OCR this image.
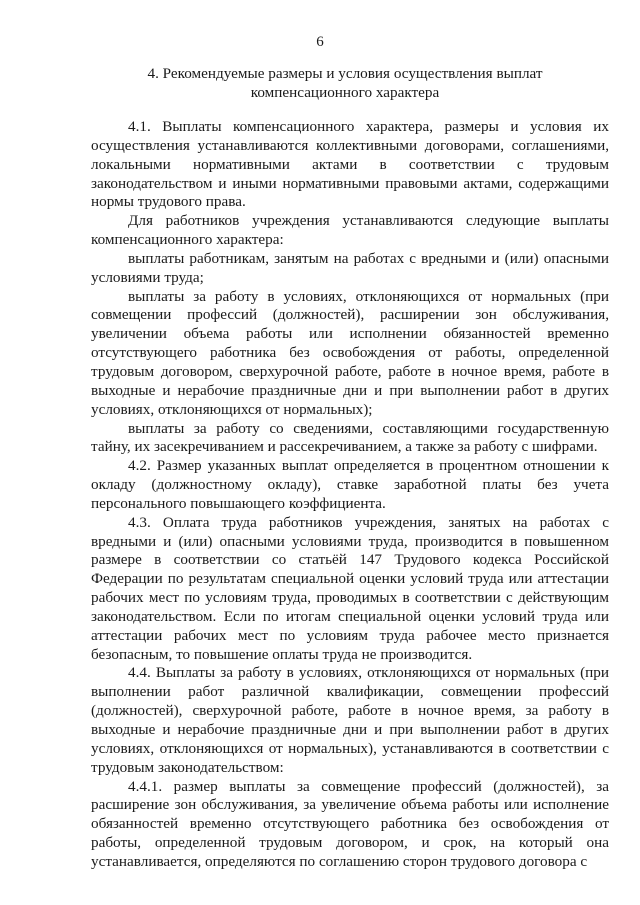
6
4. Рекомендуемые размеры и условия осуществления выплат
компенсационного характера

4.1. Выплаты компенсационного характера, размеры и условия их осуществления устанавливаются коллективными договорами, соглашениями, локальными нормативными актами в соответствии с трудовым законодательством и иными нормативными правовыми актами, содержащими нормы трудового права.

Для работников учреждения устанавливаются следующие выплаты компенсационного характера:

выплаты работникам, занятым на работах с вредными и (или) опасными условиями труда;

выплаты за работу в условиях, отклоняющихся от нормальных (при совмещении профессий (должностей), расширении зон обслуживания, увеличении объема работы или исполнении обязанностей временно отсутствующего работника без освобождения от работы, определенной трудовым договором, сверхурочной работе, работе в ночное время, работе в выходные и нерабочие праздничные дни и при выполнении работ в других условиях, отклоняющихся от нормальных);

выплаты за работу со сведениями, составляющими государственную тайну, их засекречиванием и рассекречиванием, а также за работу с шифрами.

4.2. Размер указанных выплат определяется в процентном отношении к окладу (должностному окладу), ставке заработной платы без учета персонального повышающего коэффициента.

4.3. Оплата труда работников учреждения, занятых на работах с вредными и (или) опасными условиями труда, производится в повышенном размере в соответствии со статьёй 147 Трудового кодекса Российской Федерации по результатам специальной оценки условий труда или аттестации рабочих мест по условиям труда, проводимых в соответствии с действующим законодательством. Если по итогам специальной оценки условий труда или аттестации рабочих мест по условиям труда рабочее место признается безопасным, то повышение оплаты труда не производится.

4.4. Выплаты за работу в условиях, отклоняющихся от нормальных (при выполнении работ различной квалификации, совмещении профессий (должностей), сверхурочной работе, работе в ночное время, за работу в выходные и нерабочие праздничные дни и при выполнении работ в других условиях, отклоняющихся от нормальных), устанавливаются в соответствии с трудовым законодательством:

4.4.1. размер выплаты за совмещение профессий (должностей), за расширение зон обслуживания, за увеличение объема работы или исполнение обязанностей временно отсутствующего работника без освобождения от работы, определенной трудовым договором, и срок, на который она устанавливается, определяются по соглашению сторон трудового договора с
